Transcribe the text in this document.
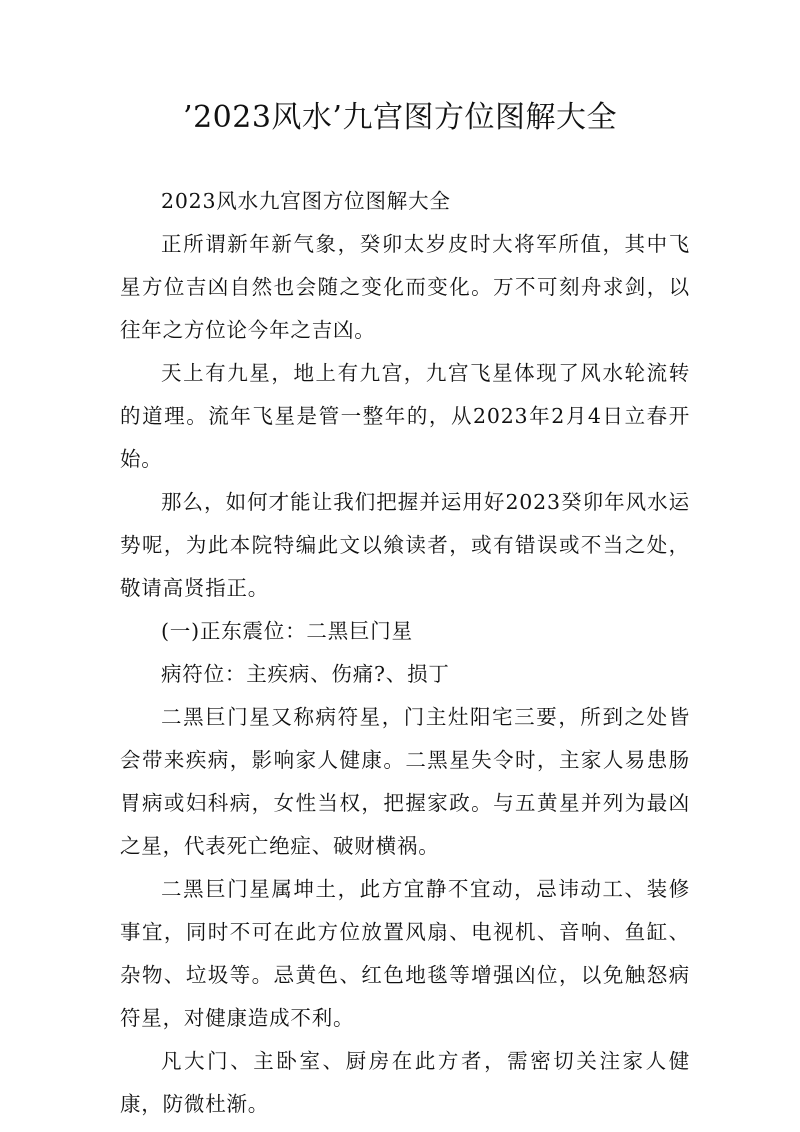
’2023风水’九宫图方位图解大全

2023风水九宫图方位图解大全

正所谓新年新气象，癸卯太岁皮时大将军所值，其中飞星方位吉凶自然也会随之变化而变化。万不可刻舟求剑，以往年之方位论今年之吉凶。

天上有九星，地上有九宫，九宫飞星体现了风水轮流转的道理。流年飞星是管一整年的，从2023年2月4日立春开始。

那么，如何才能让我们把握并运用好2023癸卯年风水运势呢，为此本院特编此文以飨读者，或有错误或不当之处，敬请高贤指正。

(一)正东震位：二黑巨门星

病符位：主疾病、伤痛?、损丁

二黑巨门星又称病符星，门主灶阳宅三要，所到之处皆会带来疾病，影响家人健康。二黑星失令时，主家人易患肠胃病或妇科病，女性当权，把握家政。与五黄星并列为最凶之星，代表死亡绝症、破财横祸。

二黑巨门星属坤土，此方宜静不宜动，忌讳动工、装修事宜，同时不可在此方位放置风扇、电视机、音响、鱼缸、杂物、垃圾等。忌黄色、红色地毯等增强凶位，以免触怒病符星，对健康造成不利。

凡大门、主卧室、厨房在此方者，需密切关注家人健康，防微杜渐。
